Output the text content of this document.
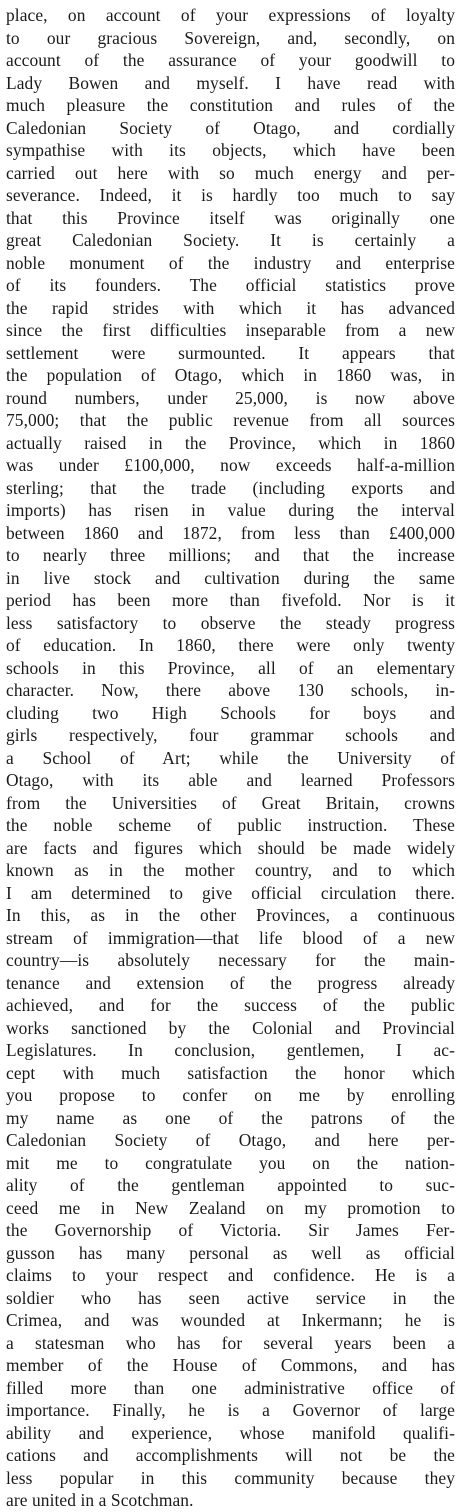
place, on account of your expressions of loyalty
to our gracious Sovereign, and, secondly, on
account of the assurance of your goodwill to
Lady Bowen and myself. I have read with
much pleasure the constitution and rules of the
Caledonian Society of Otago, and cordially
sympathise with its objects, which have been
carried out here with so much energy and per-
severance. Indeed, it is hardly too much to say
that this Province itself was originally one
great Caledonian Society. It is certainly a
noble monument of the industry and enterprise
of its founders. The official statistics prove
the rapid strides with which it has advanced
since the first difficulties inseparable from a new
settlement were surmounted. It appears that
the population of Otago, which in 1860 was, in
round numbers, under 25,000, is now above
75,000; that the public revenue from all sources
actually raised in the Province, which in 1860
was under £100,000, now exceeds half-a-million
sterling; that the trade (including exports and
imports) has risen in value during the interval
between 1860 and 1872, from less than £400,000
to nearly three millions; and that the increase
in live stock and cultivation during the same
period has been more than fivefold. Nor is it
less satisfactory to observe the steady progress
of education. In 1860, there were only twenty
schools in this Province, all of an elementary
character. Now, there above 130 schools, in-
cluding two High Schools for boys and
girls respectively, four grammar schools and
a School of Art; while the University of
Otago, with its able and learned Professors
from the Universities of Great Britain, crowns
the noble scheme of public instruction. These
are facts and figures which should be made widely
known as in the mother country, and to which
I am determined to give official circulation there.
In this, as in the other Provinces, a continuous
stream of immigration—that life blood of a new
country—is absolutely necessary for the main-
tenance and extension of the progress already
achieved, and for the success of the public
works sanctioned by the Colonial and Provincial
Legislatures. In conclusion, gentlemen, I ac-
cept with much satisfaction the honor which
you propose to confer on me by enrolling
my name as one of the patrons of the
Caledonian Society of Otago, and here per-
mit me to congratulate you on the nation-
ality of the gentleman appointed to suc-
ceed me in New Zealand on my promotion to
the Governorship of Victoria. Sir James Fer-
gusson has many personal as well as official
claims to your respect and confidence. He is a
soldier who has seen active service in the
Crimea, and was wounded at Inkermann; he is
a statesman who has for several years been a
member of the House of Commons, and has
filled more than one administrative office of
importance. Finally, he is a Governor of large
ability and experience, whose manifold qualifi-
cations and accomplishments will not be the
less popular in this community because they
are united in a Scotchman.
